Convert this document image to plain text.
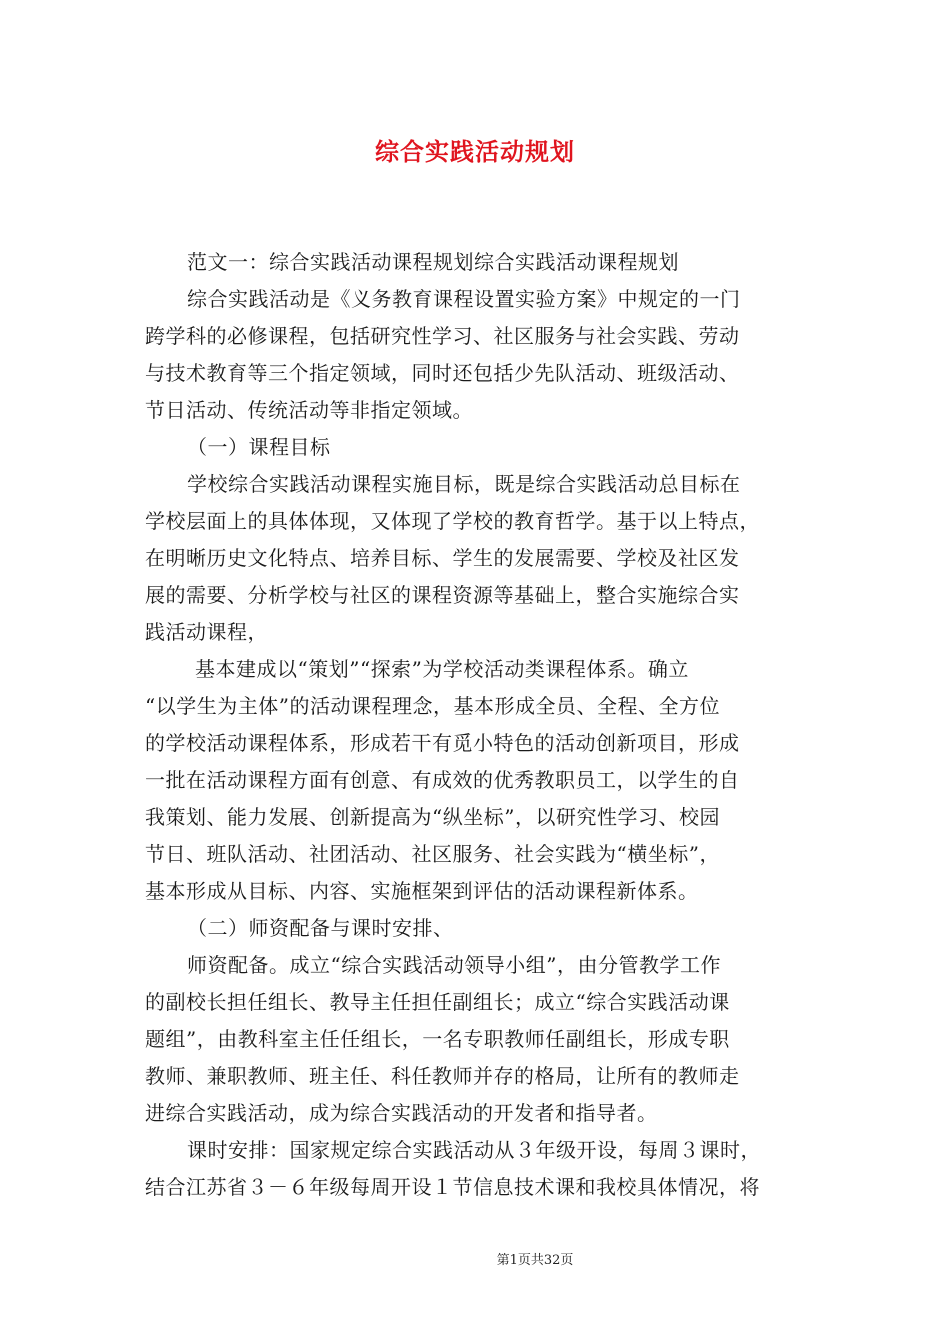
综合实践活动规划
范文一：综合实践活动课程规划综合实践活动课程规划
综合实践活动是《义务教育课程设置实验方案》中规定的一门
跨学科的必修课程，包括研究性学习、社区服务与社会实践、劳动
与技术教育等三个指定领域，同时还包括少先队活动、班级活动、
节日活动、传统活动等非指定领域。
（一）课程目标
学校综合实践活动课程实施目标，既是综合实践活动总目标在
学校层面上的具体体现，又体现了学校的教育哲学。基于以上特点，
在明晰历史文化特点、培养目标、学生的发展需要、学校及社区发
展的需要、分析学校与社区的课程资源等基础上，整合实施综合实
践活动课程，
基本建成以“策划”“探索”为学校活动类课程体系。确立
“以学生为主体”的活动课程理念，基本形成全员、全程、全方位
的学校活动课程体系，形成若干有觅小特色的活动创新项目，形成
一批在活动课程方面有创意、有成效的优秀教职员工，以学生的自
我策划、能力发展、创新提高为“纵坐标”，以研究性学习、校园
节日、班队活动、社团活动、社区服务、社会实践为“横坐标”，
基本形成从目标、内容、实施框架到评估的活动课程新体系。
（二）师资配备与课时安排、
师资配备。成立“综合实践活动领导小组”，由分管教学工作
的副校长担任组长、教导主任担任副组长；成立“综合实践活动课
题组”，由教科室主任任组长，一名专职教师任副组长，形成专职
教师、兼职教师、班主任、科任教师并存的格局，让所有的教师走
进综合实践活动，成为综合实践活动的开发者和指导者。
课时安排：国家规定综合实践活动从３年级开设，每周３课时，
结合江苏省３－６年级每周开设１节信息技术课和我校具体情况，将
第1页共32页
